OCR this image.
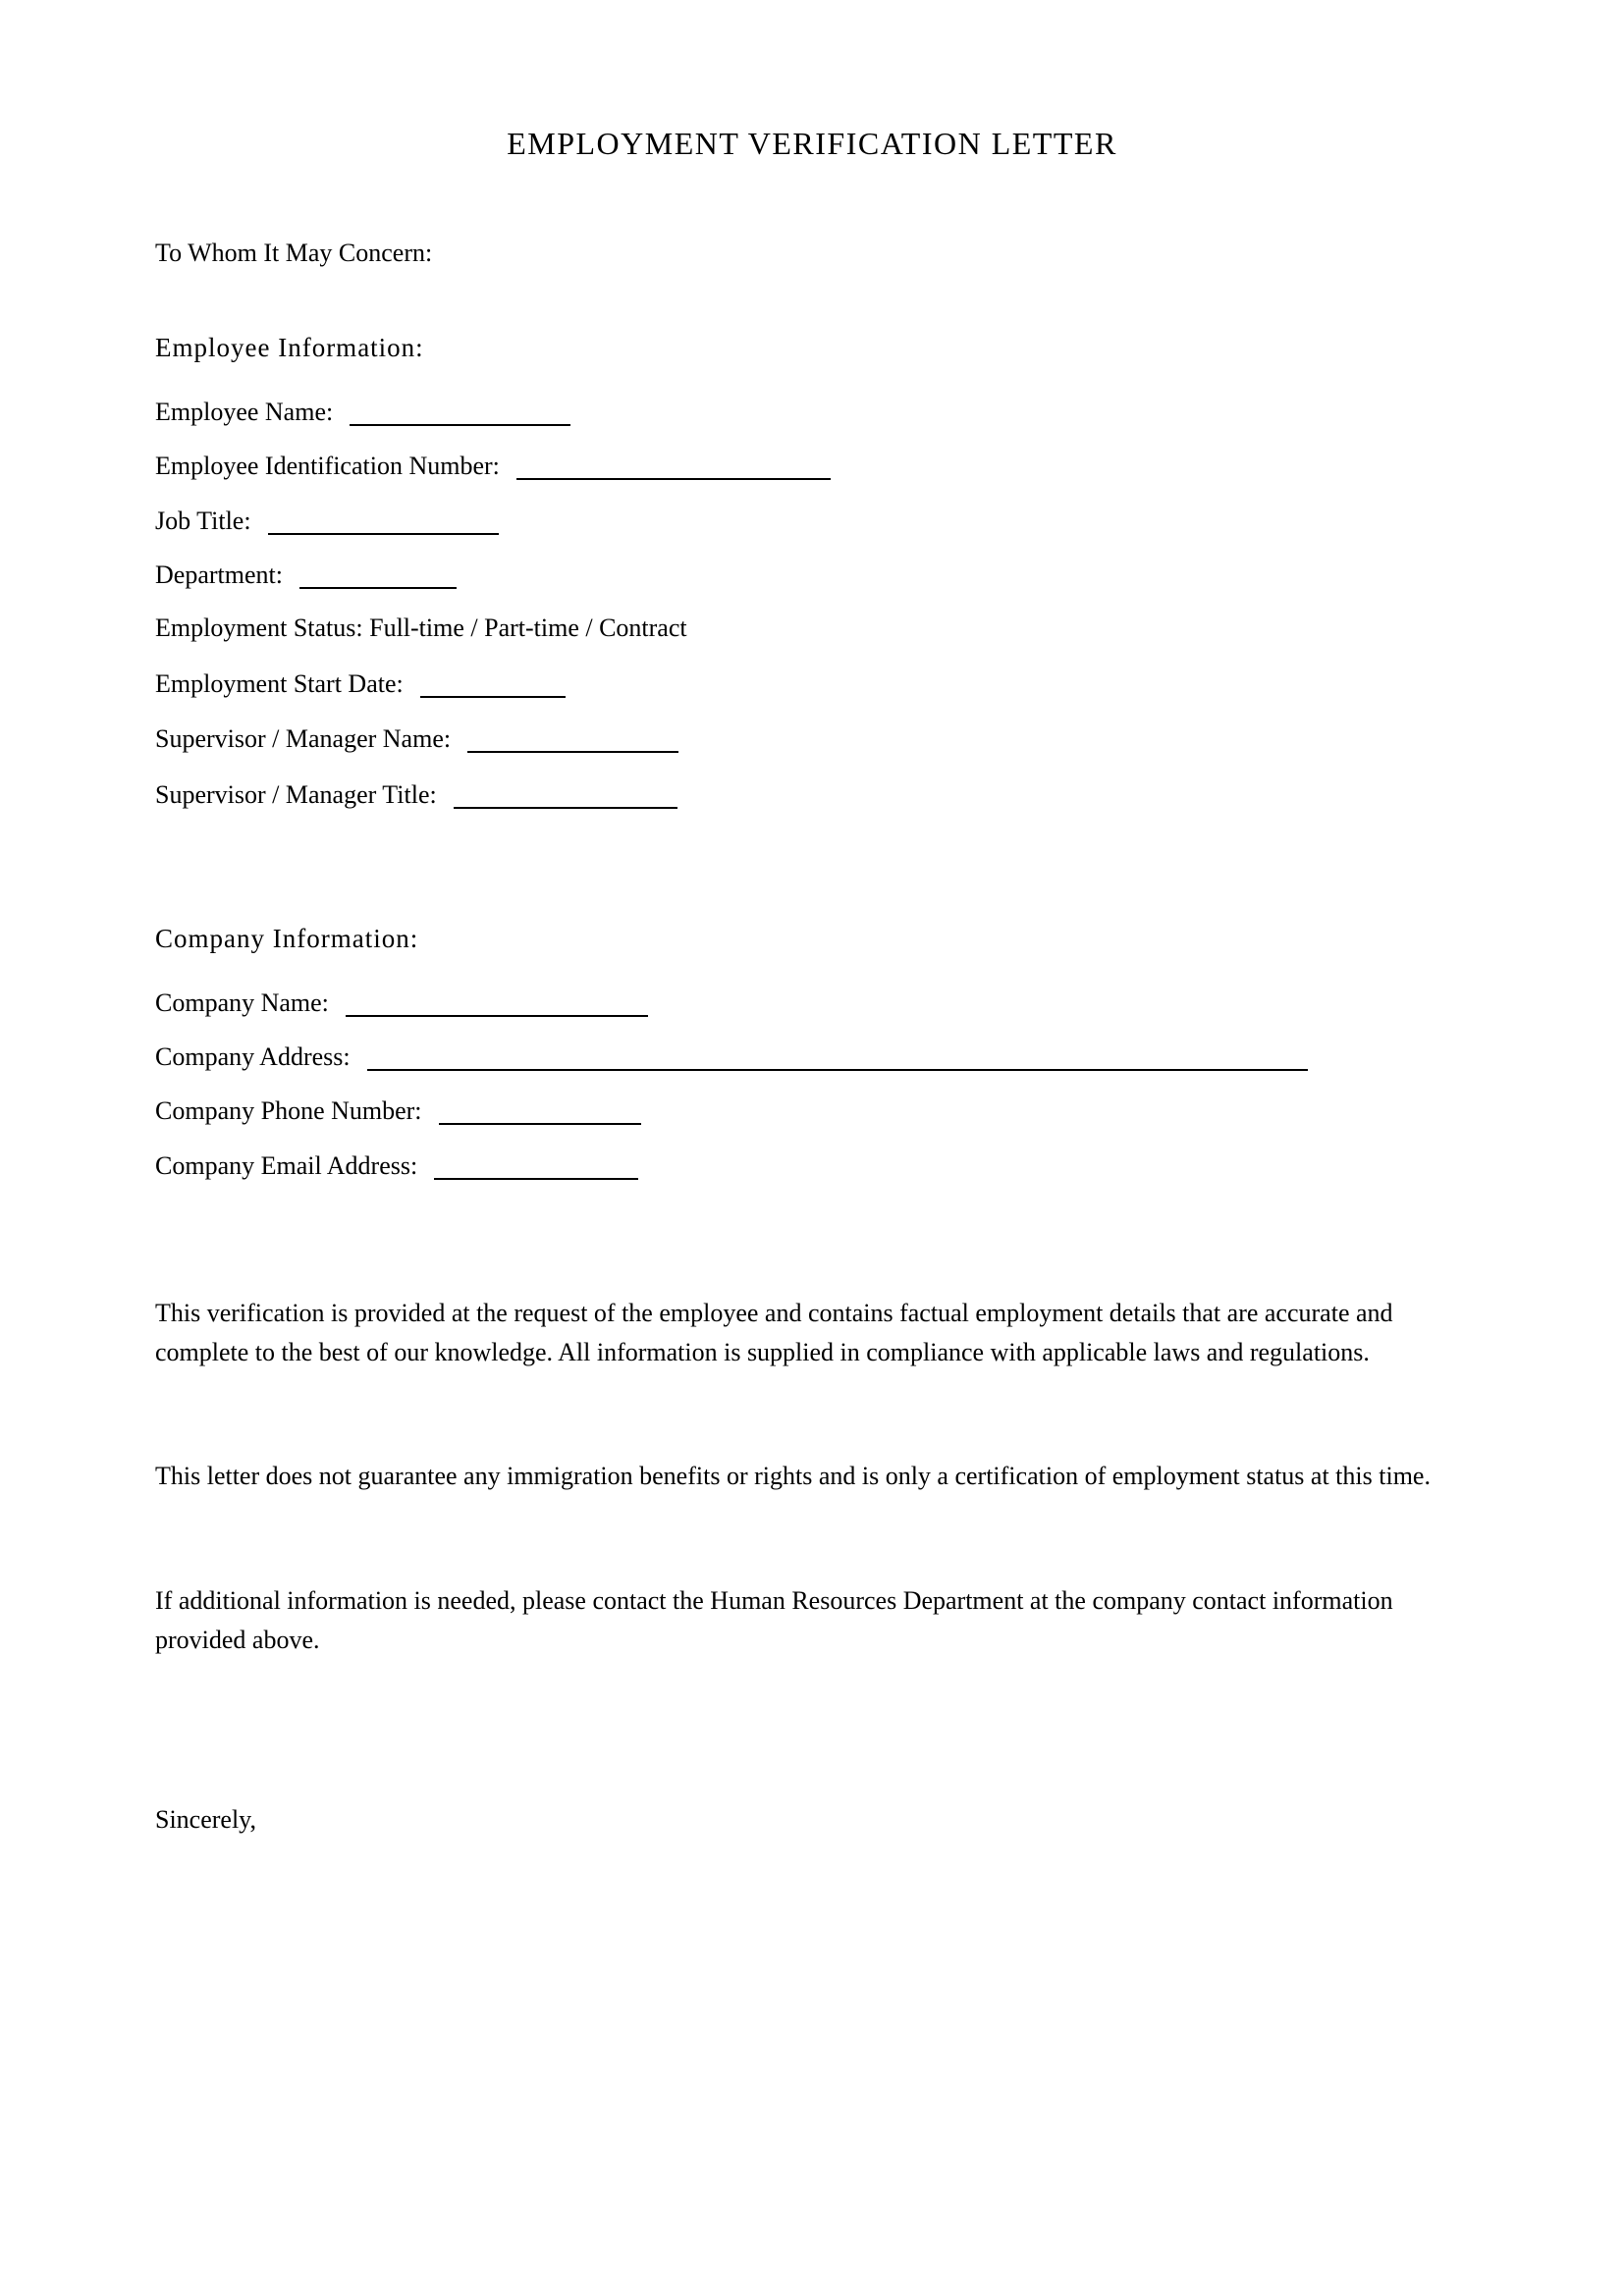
EMPLOYMENT VERIFICATION LETTER
To Whom It May Concern:
Employee Information:
Employee Name:
Employee Identification Number:
Job Title:
Department:
Employment Status: Full-time / Part-time / Contract
Employment Start Date:
Supervisor / Manager Name:
Supervisor / Manager Title:
Company Information:
Company Name:
Company Address:
Company Phone Number:
Company Email Address:

This verification is provided at the request of the employee and contains factual employment details that are accurate and complete to the best of our knowledge. All information is supplied in compliance with applicable laws and regulations.

This letter does not guarantee any immigration benefits or rights and is only a certification of employment status at this time.

If additional information is needed, please contact the Human Resources Department at the company contact information provided above.

Sincerely,
